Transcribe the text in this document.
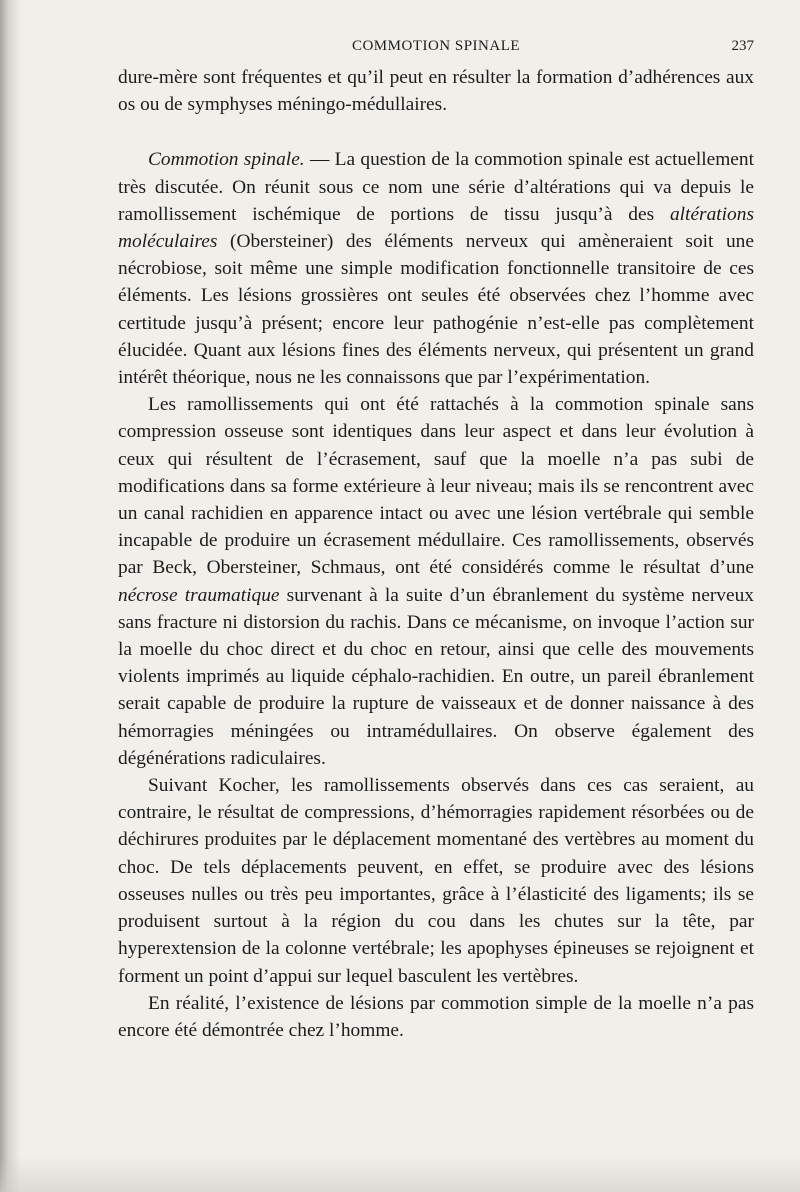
COMMOTION SPINALE	237

dure-mère sont fréquentes et qu’il peut en résulter la formation d’adhérences aux os ou de symphyses méningo-médullaires.

Commotion spinale. — La question de la commotion spinale est actuellement très discutée. On réunit sous ce nom une série d’altérations qui va depuis le ramollissement ischémique de portions de tissu jusqu’à des altérations moléculaires (Obersteiner) des éléments nerveux qui amèneraient soit une nécrobiose, soit même une simple modification fonctionnelle transitoire de ces éléments. Les lésions grossières ont seules été observées chez l’homme avec certitude jusqu’à présent; encore leur pathogénie n’est-elle pas complètement élucidée. Quant aux lésions fines des éléments nerveux, qui présentent un grand intérêt théorique, nous ne les connaissons que par l’expérimentation.

Les ramollissements qui ont été rattachés à la commotion spinale sans compression osseuse sont identiques dans leur aspect et dans leur évolution à ceux qui résultent de l’écrasement, sauf que la moelle n’a pas subi de modifications dans sa forme extérieure à leur niveau; mais ils se rencontrent avec un canal rachidien en apparence intact ou avec une lésion vertébrale qui semble incapable de produire un écrasement médullaire. Ces ramollissements, observés par Beck, Obersteiner, Schmaus, ont été considérés comme le résultat d’une nécrose traumatique survenant à la suite d’un ébranlement du système nerveux sans fracture ni distorsion du rachis. Dans ce mécanisme, on invoque l’action sur la moelle du choc direct et du choc en retour, ainsi que celle des mouvements violents imprimés au liquide céphalo-rachidien. En outre, un pareil ébranlement serait capable de produire la rupture de vaisseaux et de donner naissance à des hémorragies méningées ou intramédullaires. On observe également des dégénérations radiculaires.

Suivant Kocher, les ramollissements observés dans ces cas seraient, au contraire, le résultat de compressions, d’hémorragies rapidement résorbées ou de déchirures produites par le déplacement momentané des vertèbres au moment du choc. De tels déplacements peuvent, en effet, se produire avec des lésions osseuses nulles ou très peu importantes, grâce à l’élasticité des ligaments; ils se produisent surtout à la région du cou dans les chutes sur la tête, par hyperextension de la colonne vertébrale; les apophyses épineuses se rejoignent et forment un point d’appui sur lequel basculent les vertèbres.

En réalité, l’existence de lésions par commotion simple de la moelle n’a pas encore été démontrée chez l’homme.
